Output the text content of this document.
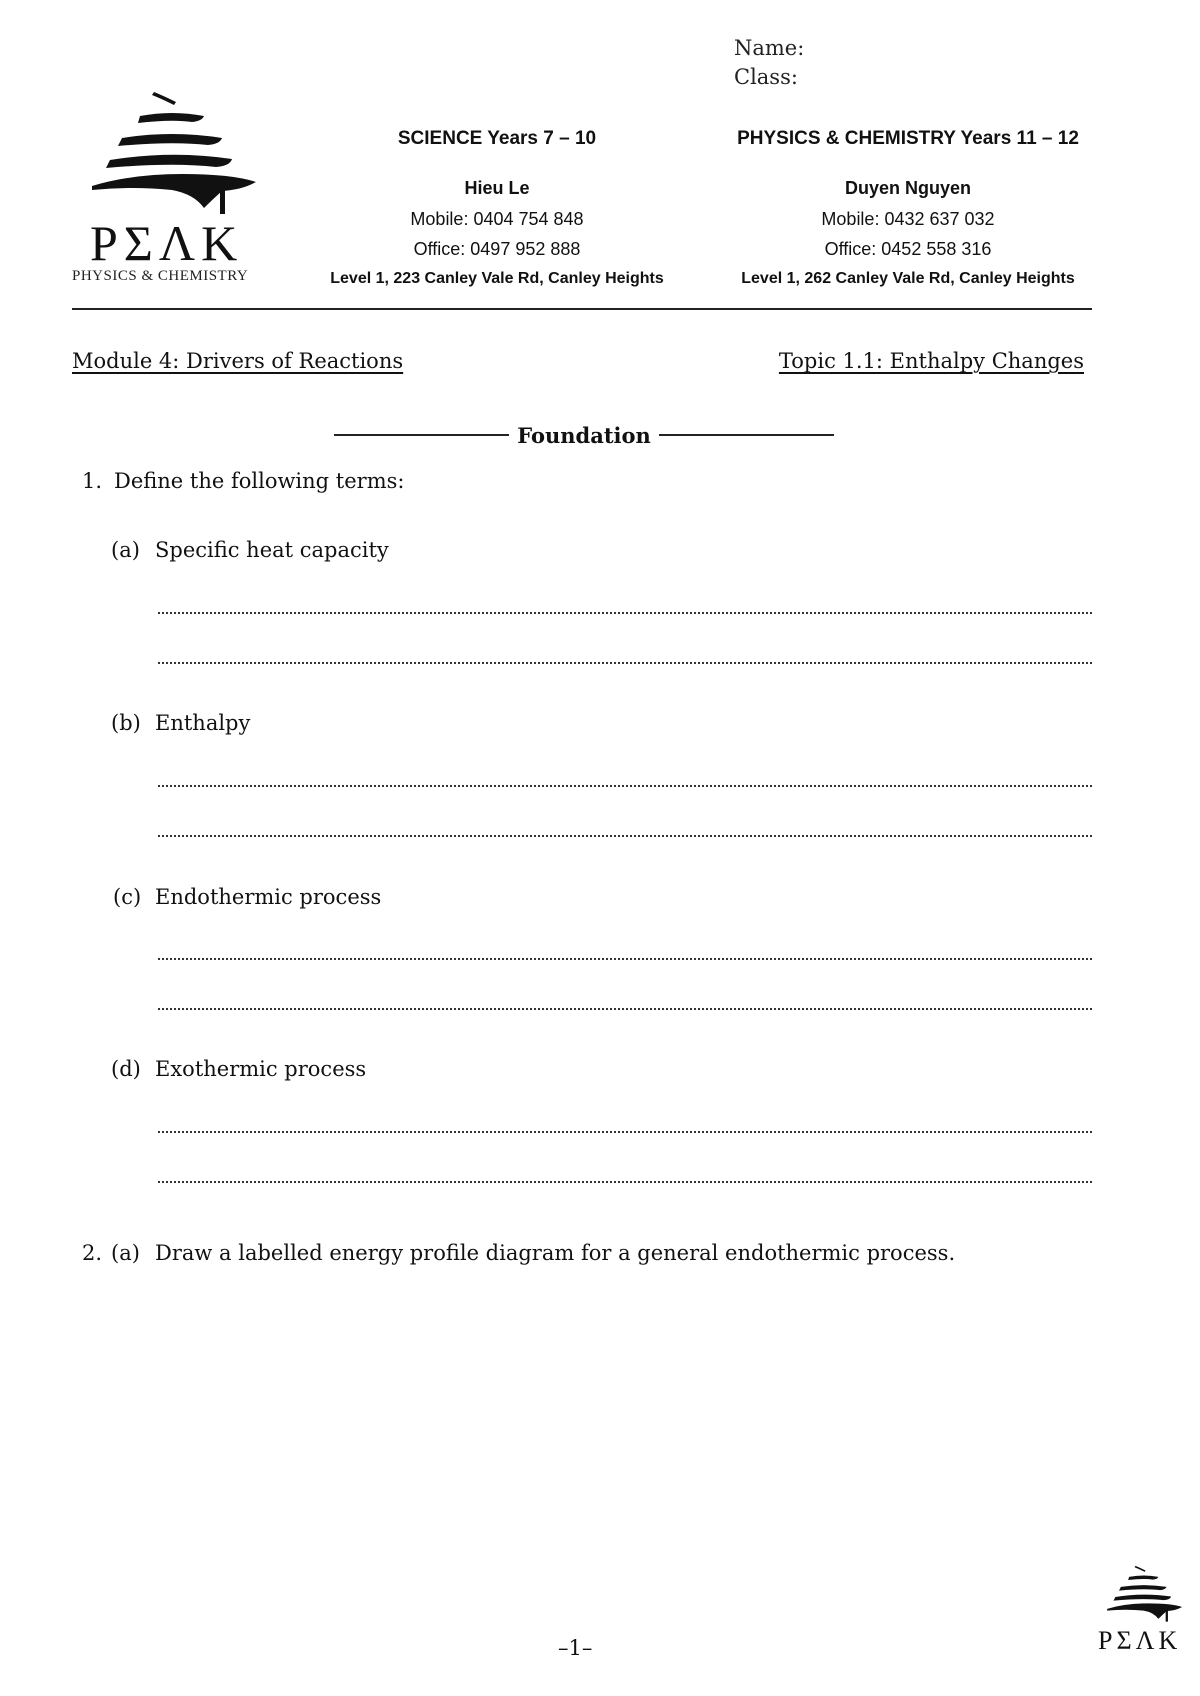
Name:
Class:
PΣΛK
PHYSICS & CHEMISTRY
SCIENCE Years 7 – 10
Hieu Le
Mobile: 0404 754 848
Office: 0497 952 888
Level 1, 223 Canley Vale Rd, Canley Heights
PHYSICS & CHEMISTRY Years 11 – 12
Duyen Nguyen
Mobile: 0432 637 032
Office: 0452 558 316
Level 1, 262 Canley Vale Rd, Canley Heights
Module 4: Drivers of Reactions	Topic 1.1: Enthalpy Changes
Foundation
1. Define the following terms:
(a) Specific heat capacity
(b) Enthalpy
(c) Endothermic process
(d) Exothermic process
2. (a) Draw a labelled energy profile diagram for a general endothermic process.
–1–	PΣΛK
